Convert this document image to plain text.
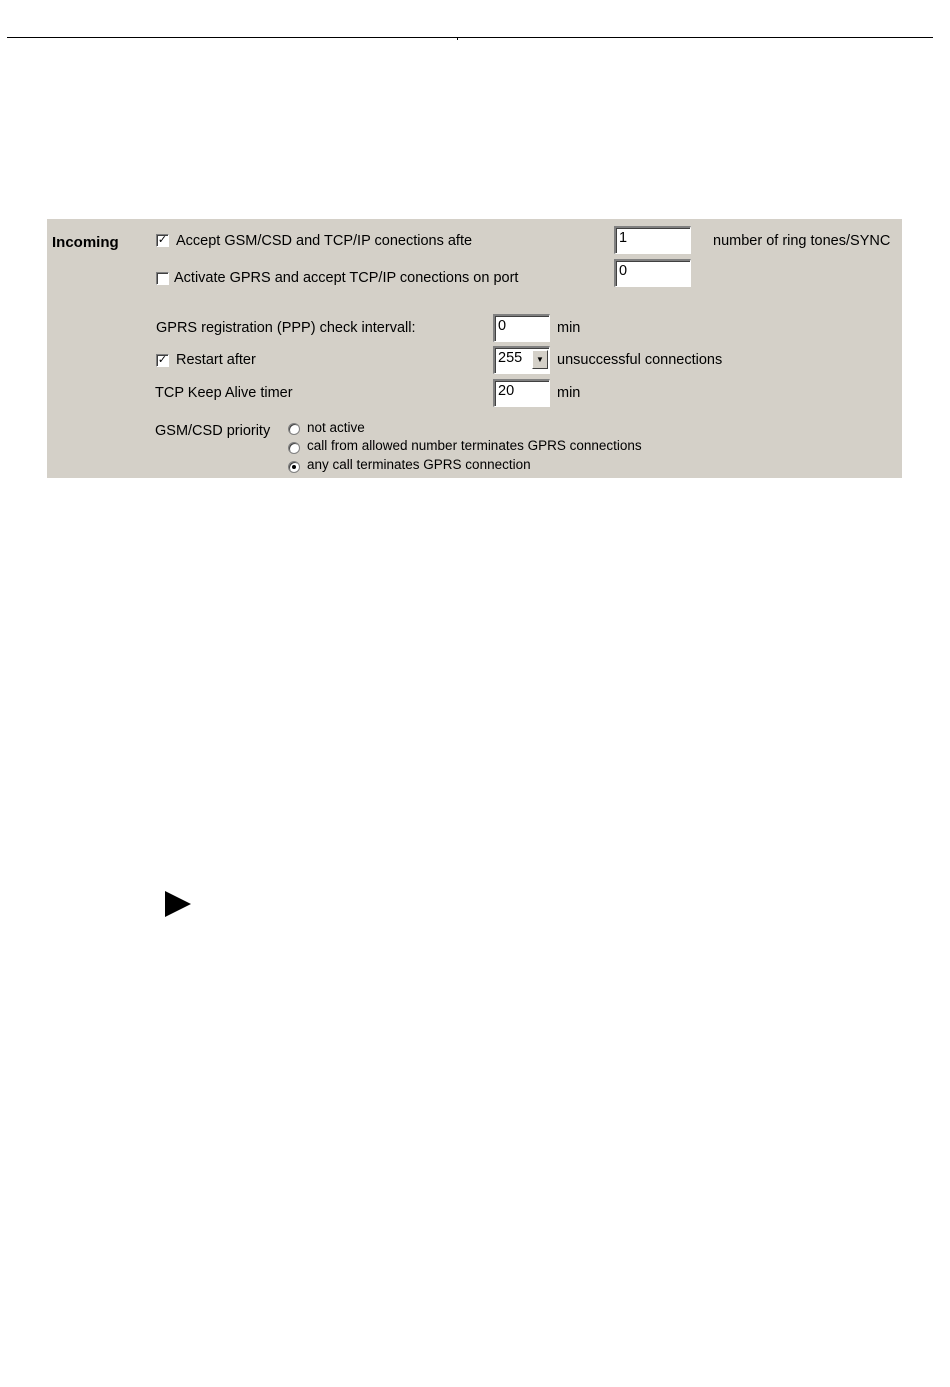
Incoming	✓ Accept GSM/CSD and TCP/IP conections afte	1	number of ring tones/SYNC
Activate GPRS and accept TCP/IP conections on port	0
GPRS registration (PPP) check intervall:	0	min
✓ Restart after	255	▼ unsuccessful connections
TCP Keep Alive timer	20	min
GSM/CSD priority	not active
call from allowed number terminates GPRS connections
any call terminates GPRS connection
